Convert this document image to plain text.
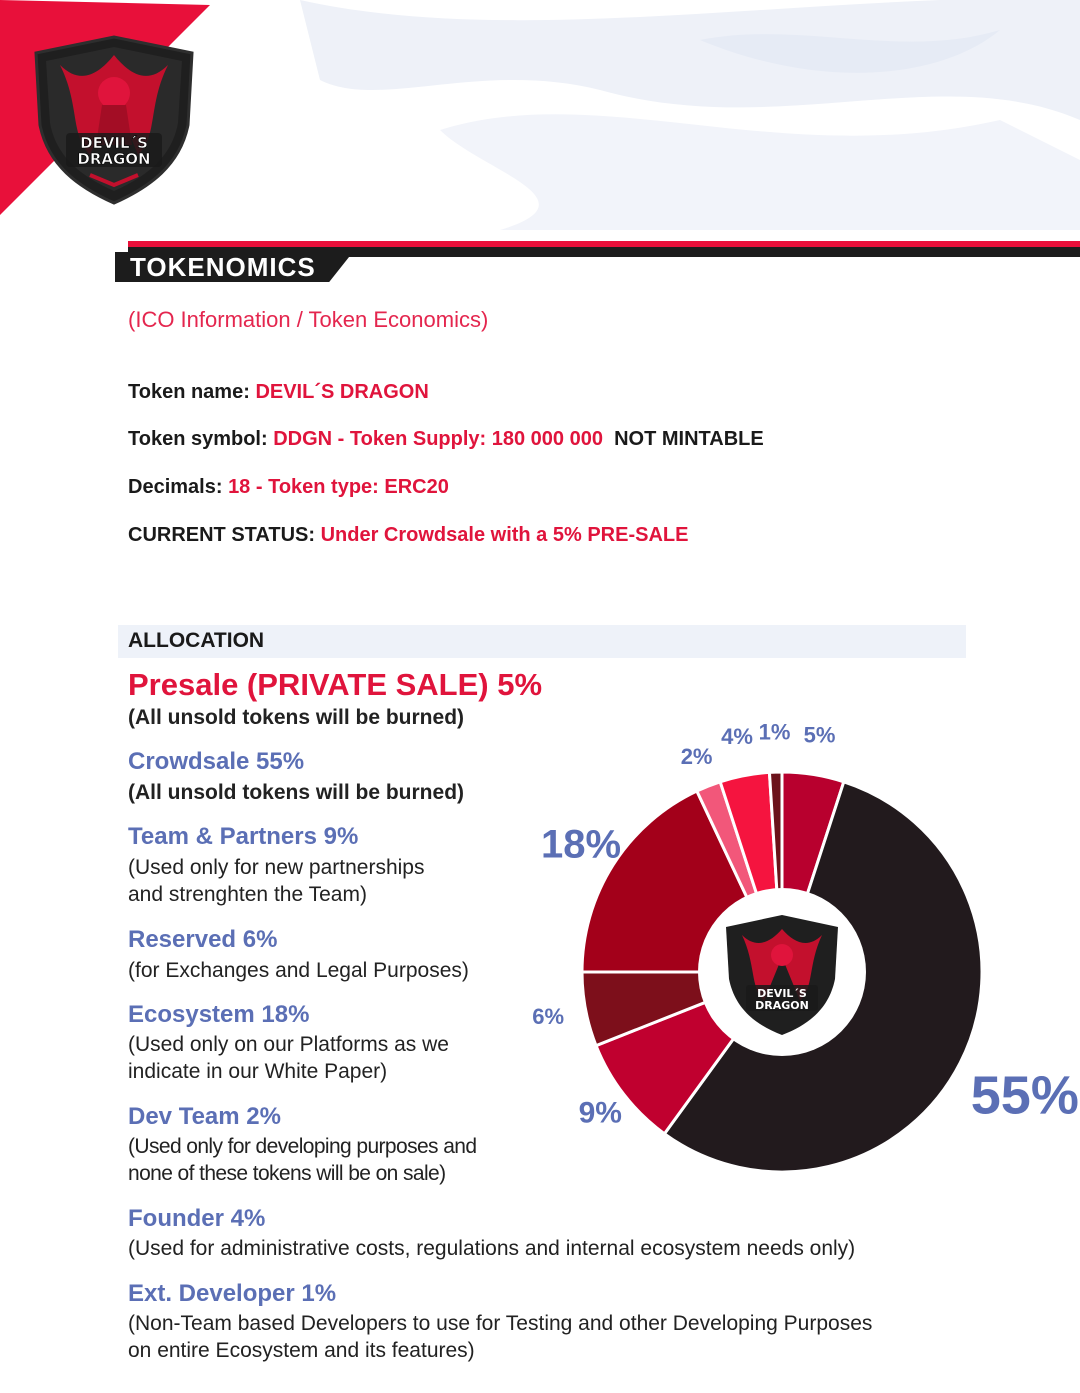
DEVIL´S
DRAGON
TOKENOMICS
(ICO Information / Token Economics)
Token name: DEVIL´S DRAGON
Token symbol: DDGN - Token Supply: 180 000 000 NOT MINTABLE
Decimals: 18 - Token type: ERC20
CURRENT STATUS: Under Crowdsale with a 5% PRE-SALE
ALLOCATION
Presale (PRIVATE SALE) 5%
(All unsold tokens will be burned)
Crowdsale 55%
(All unsold tokens will be burned)
Team & Partners 9%
(Used only for new partnerships
and strenghten the Team)
Reserved 6%
(for Exchanges and Legal Purposes)
Ecosystem 18%
(Used only on our Platforms as we
indicate in our White Paper)
Dev Team 2%
(Used only for developing purposes and
none of these tokens will be on sale)
Founder 4%
(Used for administrative costs, regulations and internal ecosystem needs only)
Ext. Developer 1%
(Non-Team based Developers to use for Testing and other Developing Purposes
on entire Ecosystem and its features)
DEVIL´S
DRAGON
5%
55%
9%
6%
18%
2%
4% 1%
